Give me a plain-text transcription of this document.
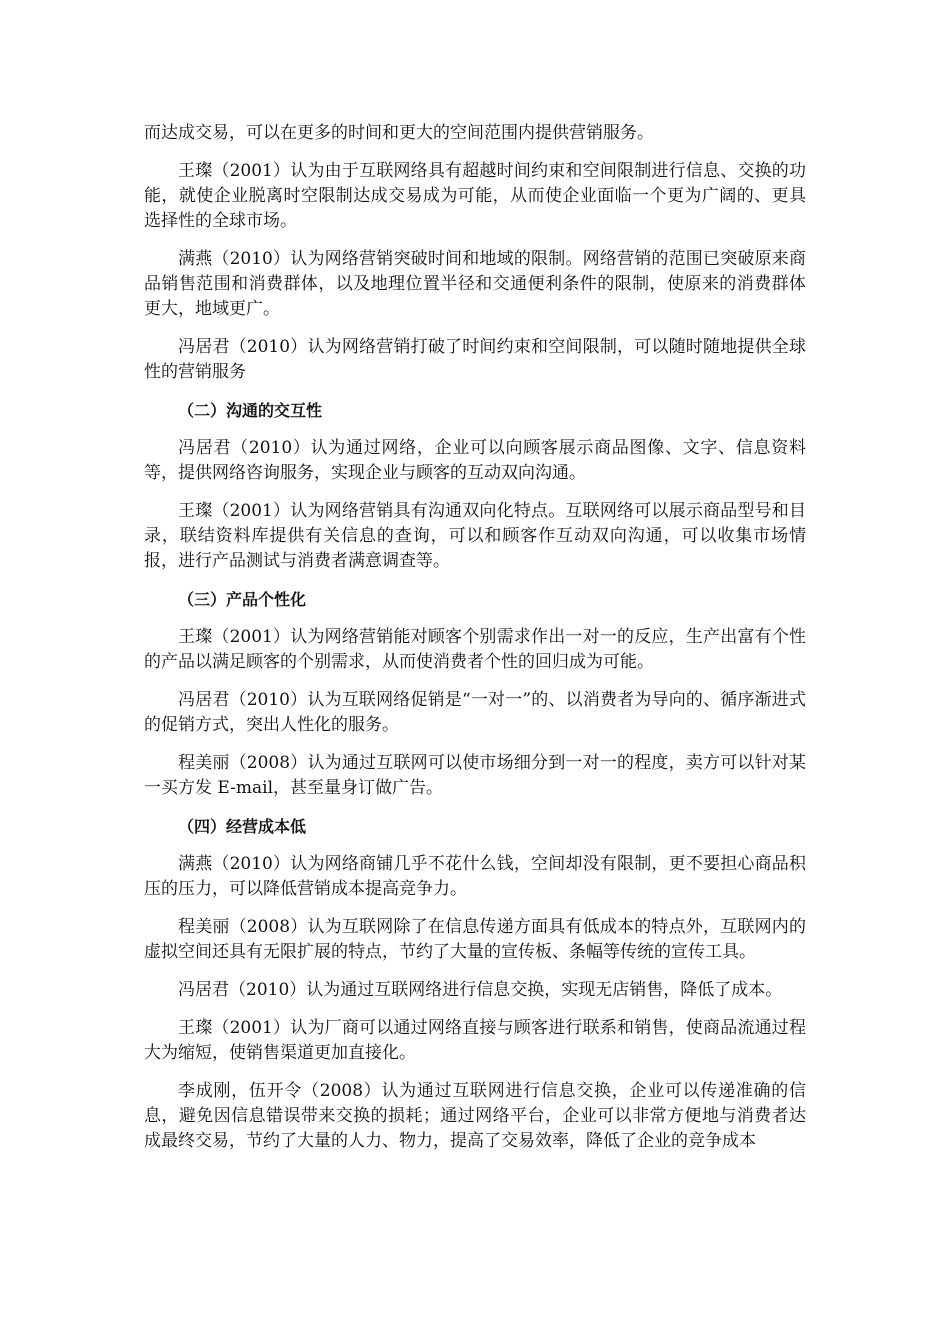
而达成交易，可以在更多的时间和更大的空间范围内提供营销服务。

王璨（2001）认为由于互联网络具有超越时间约束和空间限制进行信息、交换的功能，就使企业脱离时空限制达成交易成为可能，从而使企业面临一个更为广阔的、更具选择性的全球市场。

满燕（2010）认为网络营销突破时间和地域的限制。网络营销的范围已突破原来商品销售范围和消费群体，以及地理位置半径和交通便利条件的限制，使原来的消费群体更大，地域更广。

冯居君（2010）认为网络营销打破了时间约束和空间限制，可以随时随地提供全球性的营销服务

（二）沟通的交互性

冯居君（2010）认为通过网络，企业可以向顾客展示商品图像、文字、信息资料等，提供网络咨询服务，实现企业与顾客的互动双向沟通。

王璨（2001）认为网络营销具有沟通双向化特点。互联网络可以展示商品型号和目录，联结资料库提供有关信息的查询，可以和顾客作互动双向沟通，可以收集市场情报，进行产品测试与消费者满意调查等。

（三）产品个性化

王璨（2001）认为网络营销能对顾客个别需求作出一对一的反应，生产出富有个性的产品以满足顾客的个别需求，从而使消费者个性的回归成为可能。

冯居君（2010）认为互联网络促销是“一对一”的、以消费者为导向的、循序渐进式的促销方式，突出人性化的服务。

程美丽（2008）认为通过互联网可以使市场细分到一对一的程度，卖方可以针对某一买方发 E-mail，甚至量身订做广告。

（四）经营成本低

满燕（2010）认为网络商铺几乎不花什么钱，空间却没有限制，更不要担心商品积压的压力，可以降低营销成本提高竞争力。

程美丽（2008）认为互联网除了在信息传递方面具有低成本的特点外，互联网内的虚拟空间还具有无限扩展的特点，节约了大量的宣传板、条幅等传统的宣传工具。

冯居君（2010）认为通过互联网络进行信息交换，实现无店销售，降低了成本。

王璨（2001）认为厂商可以通过网络直接与顾客进行联系和销售，使商品流通过程大为缩短，使销售渠道更加直接化。

李成刚，伍开令（2008）认为通过互联网进行信息交换，企业可以传递准确的信息，避免因信息错误带来交换的损耗；通过网络平台，企业可以非常方便地与消费者达成最终交易，节约了大量的人力、物力，提高了交易效率，降低了企业的竞争成本
